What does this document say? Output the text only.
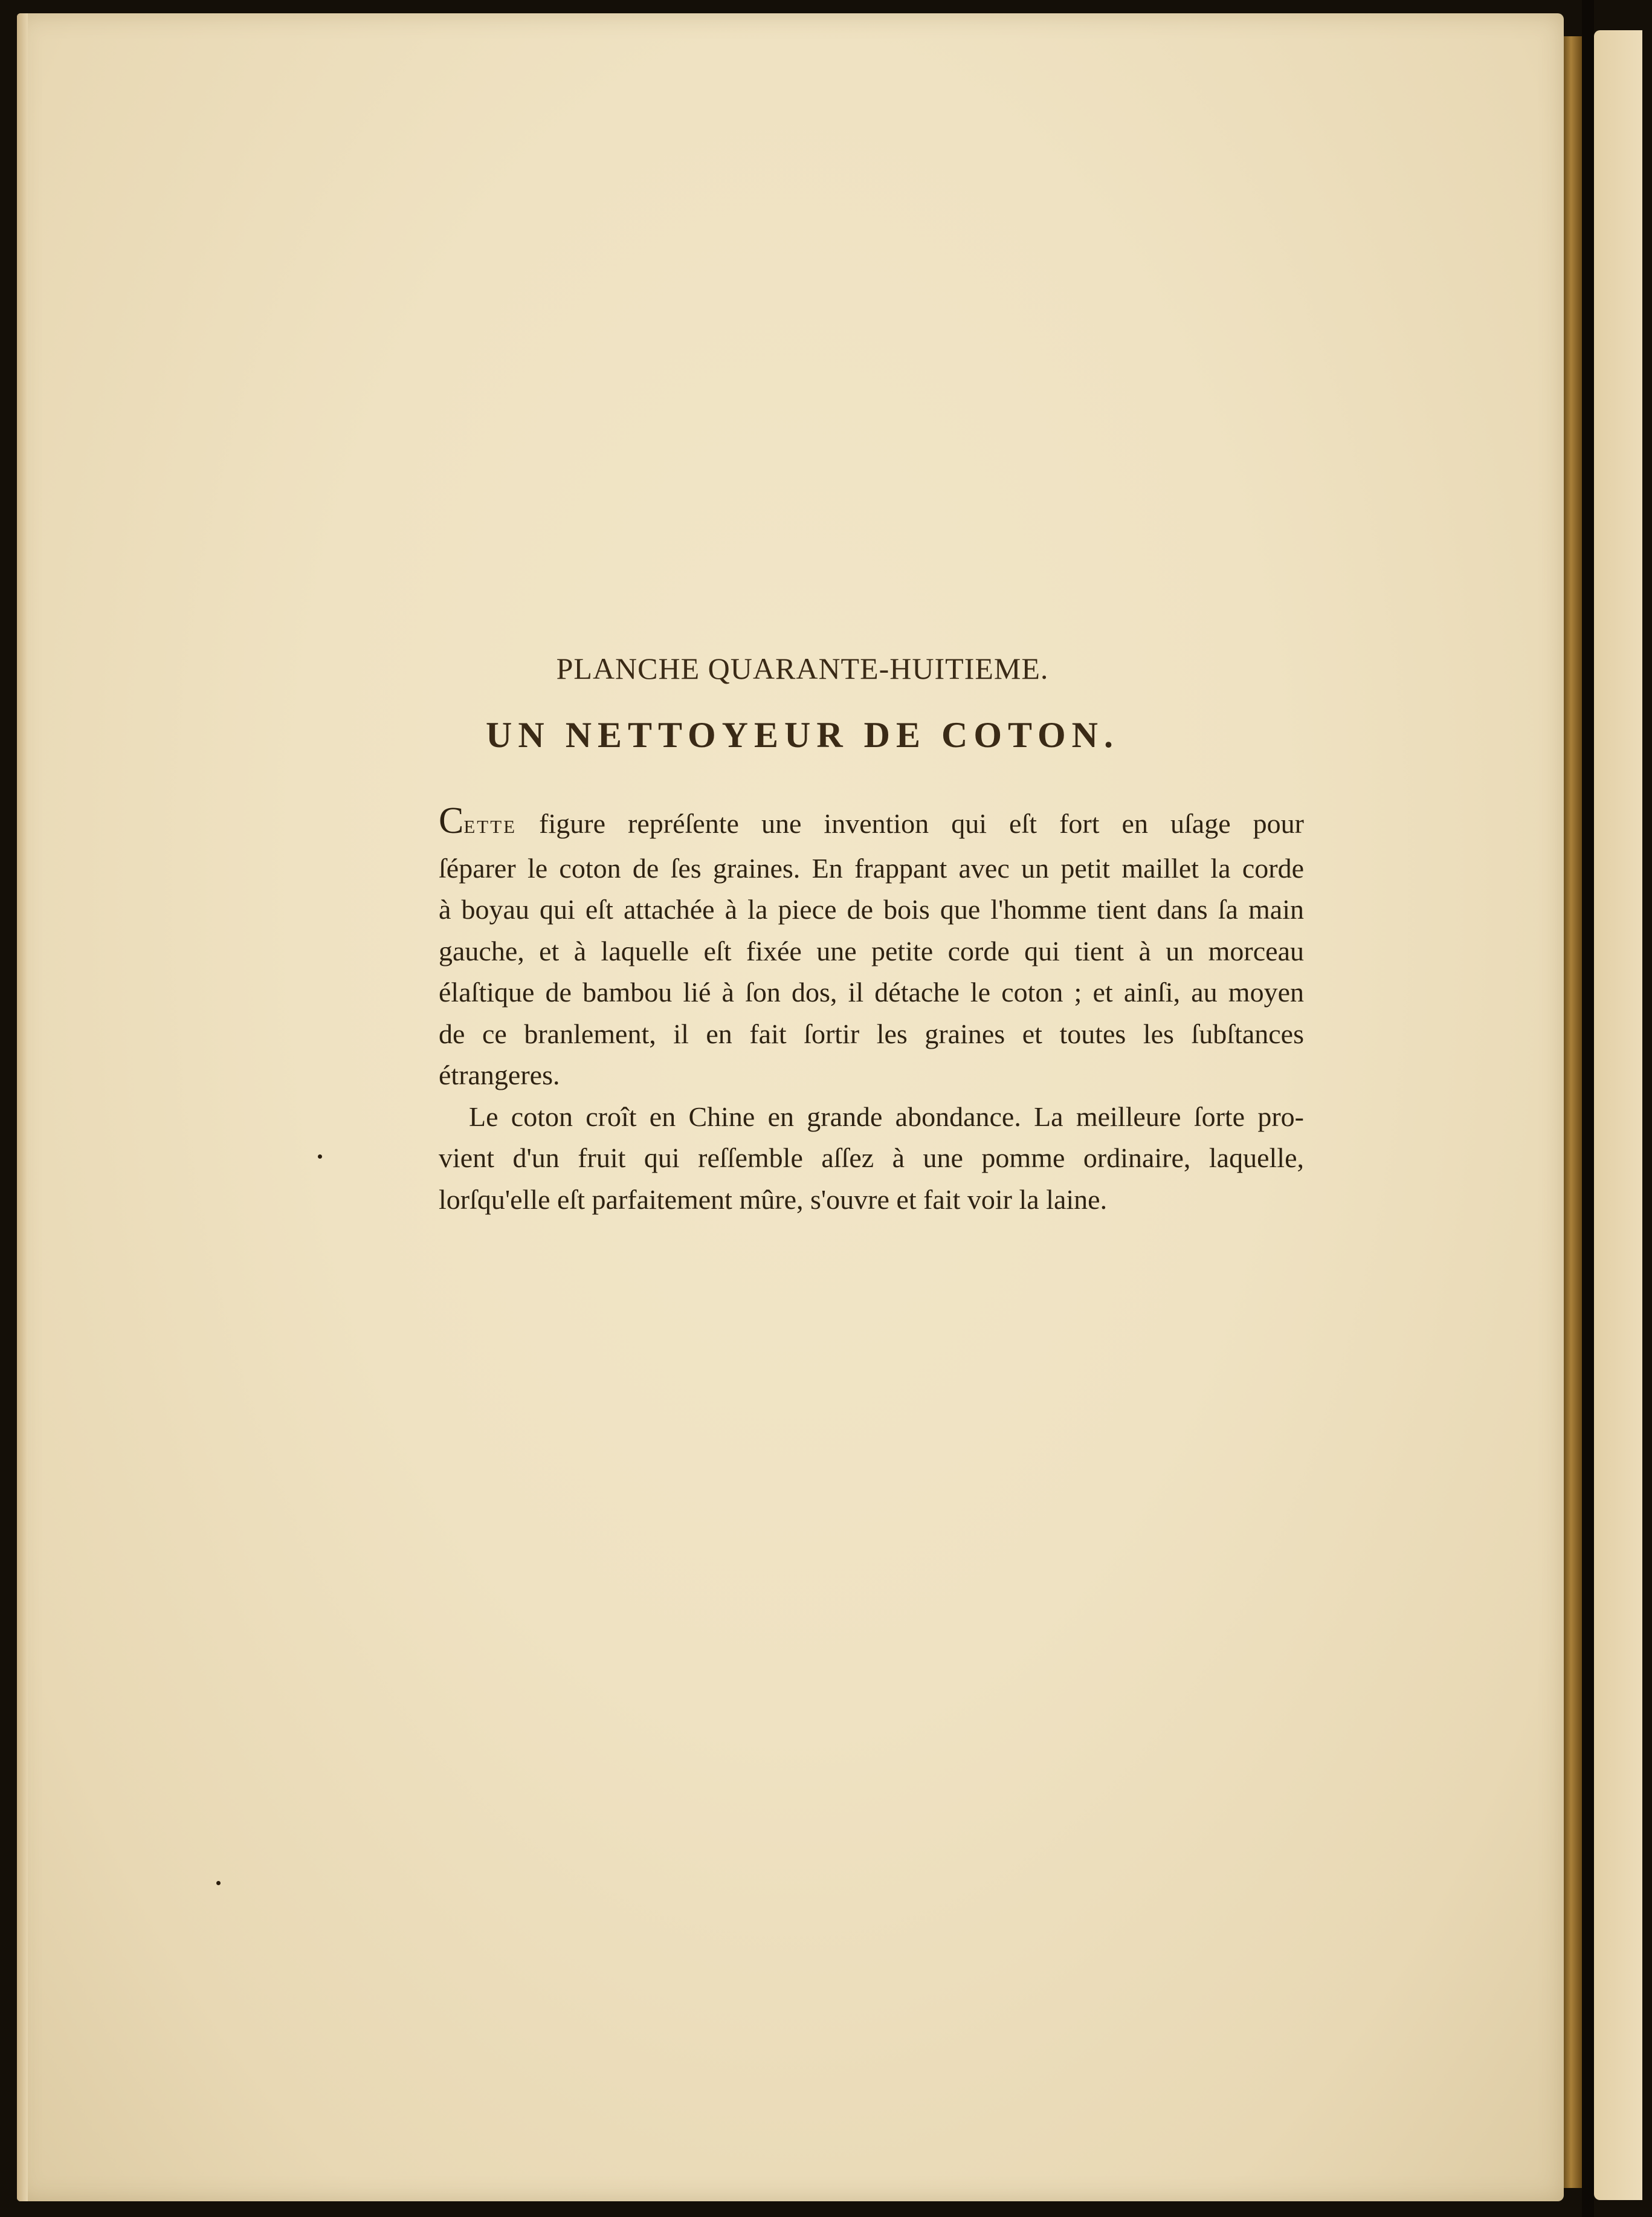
PLANCHE QUARANTE-HUITIEME.
UN NETTOYEUR DE COTON.

CETTE figure repréſente une invention qui eſt fort en uſage pour
ſéparer le coton de ſes graines. En frappant avec un petit maillet la corde
à boyau qui eſt attachée à la piece de bois que l'homme tient dans ſa main
gauche, et à laquelle eſt fixée une petite corde qui tient à un morceau
élaſtique de bambou lié à ſon dos, il détache le coton ; et ainſi, au moyen
de ce branlement, il en fait ſortir les graines et toutes les ſubſtances
étrangeres.

Le coton croît en Chine en grande abondance. La meilleure ſorte pro-
vient d'un fruit qui reſſemble aſſez à une pomme ordinaire, laquelle,
lorſqu'elle eſt parfaitement mûre, s'ouvre et fait voir la laine.
